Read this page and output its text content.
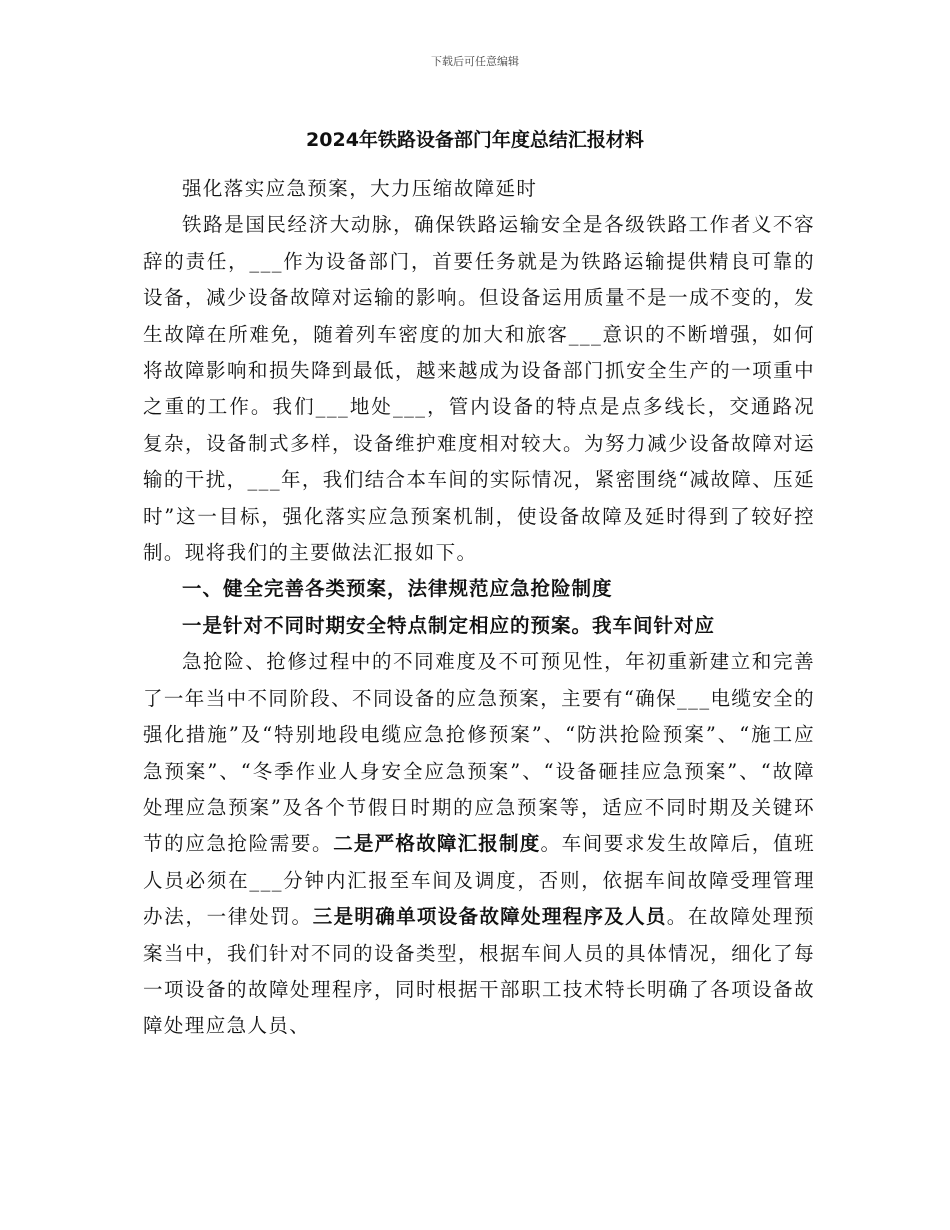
下载后可任意编辑
2024年铁路设备部门年度总结汇报材料

强化落实应急预案，大力压缩故障延时

铁路是国民经济大动脉，确保铁路运输安全是各级铁路工作者义不容辞的责任，___作为设备部门，首要任务就是为铁路运输提供精良可靠的设备，减少设备故障对运输的影响。但设备运用质量不是一成不变的，发生故障在所难免，随着列车密度的加大和旅客___意识的不断增强，如何将故障影响和损失降到最低，越来越成为设备部门抓安全生产的一项重中之重的工作。我们___地处___，管内设备的特点是点多线长，交通路况复杂，设备制式多样，设备维护难度相对较大。为努力减少设备故障对运输的干扰，___年，我们结合本车间的实际情况，紧密围绕“减故障、压延时”这一目标，强化落实应急预案机制，使设备故障及延时得到了较好控制。现将我们的主要做法汇报如下。

一、健全完善各类预案，法律规范应急抢险制度

一是针对不同时期安全特点制定相应的预案。我车间针对应

急抢险、抢修过程中的不同难度及不可预见性，年初重新建立和完善了一年当中不同阶段、不同设备的应急预案，主要有“确保___电缆安全的强化措施”及“特别地段电缆应急抢修预案”、“防洪抢险预案”、“施工应急预案”、“冬季作业人身安全应急预案”、“设备砸挂应急预案”、“故障处理应急预案”及各个节假日时期的应急预案等，适应不同时期及关键环节的应急抢险需要。二是严格故障汇报制度。车间要求发生故障后，值班人员必须在___分钟内汇报至车间及调度，否则，依据车间故障受理管理办法，一律处罚。三是明确单项设备故障处理程序及人员。在故障处理预案当中，我们针对不同的设备类型，根据车间人员的具体情况，细化了每一项设备的故障处理程序，同时根据干部职工技术特长明确了各项设备故障处理应急人员、
